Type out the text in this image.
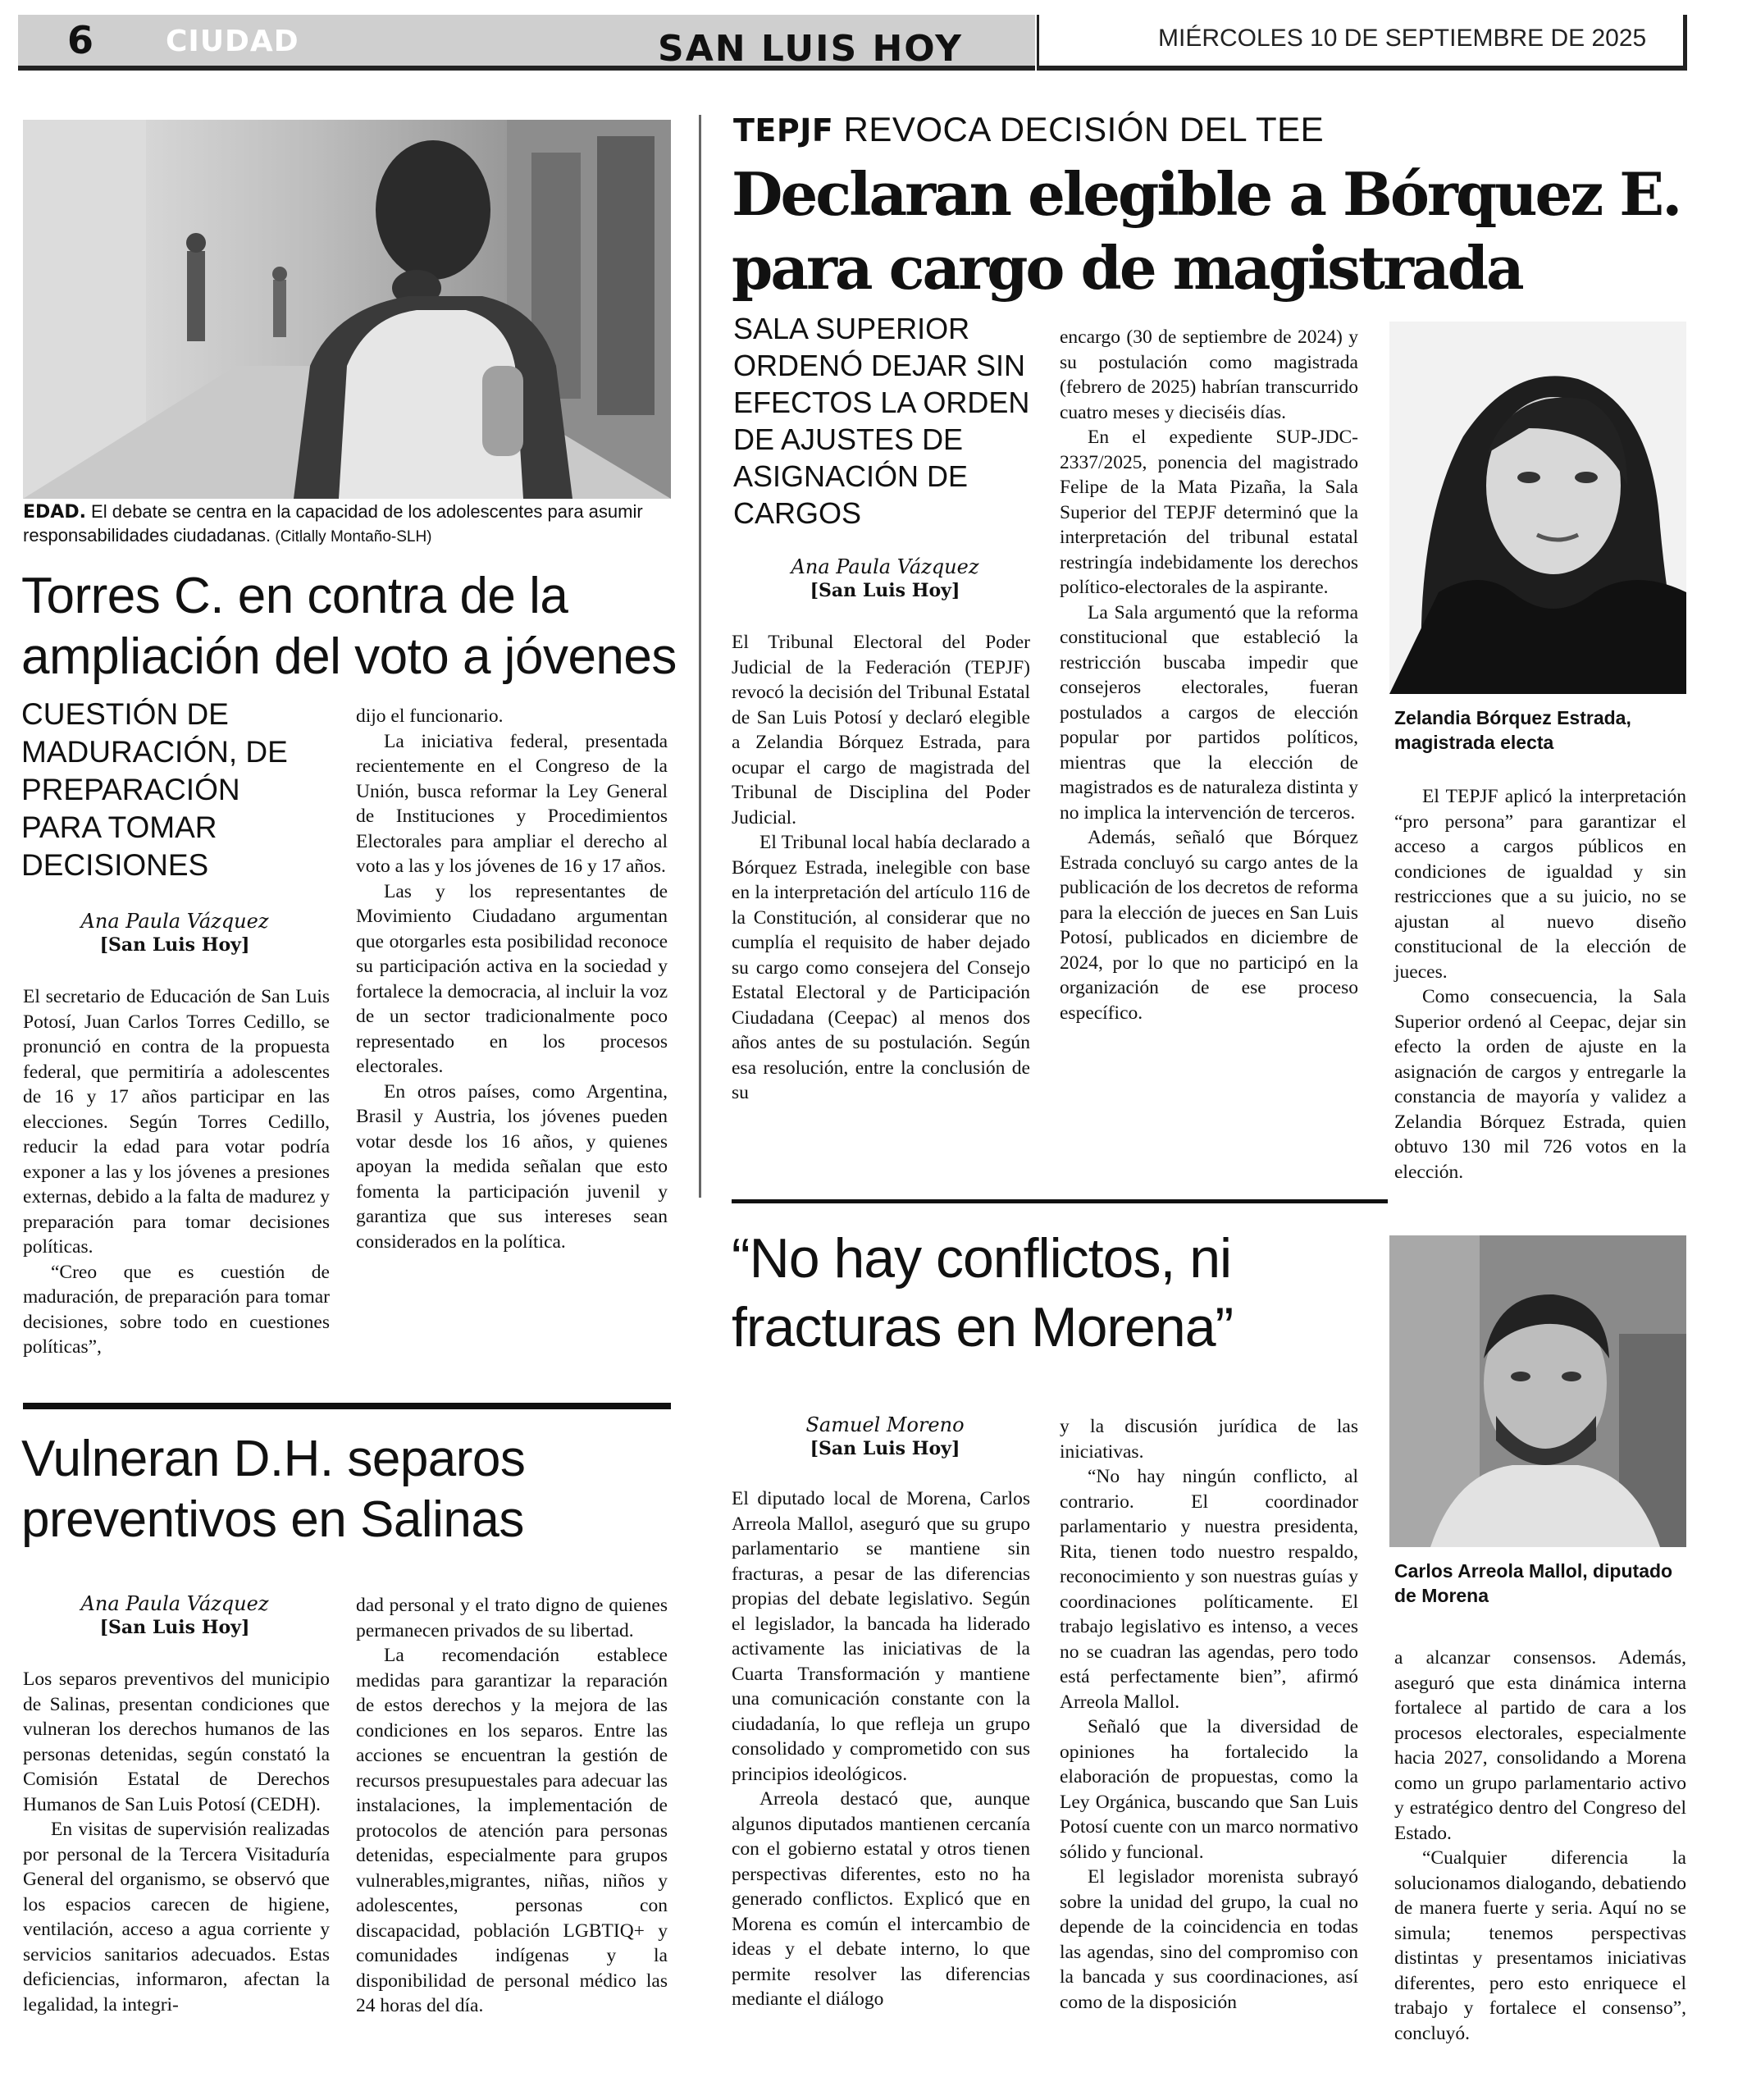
6 CIUDAD	SAN LUIS HOY	MIÉRCOLES 10 DE SEPTIEMBRE DE 2025
EDAD. El debate se centra en la capacidad de los adolescentes para asumir responsabilidades ciudadanas. (Citlally Montaño-SLH)
Torres C. en contra de la ampliación del voto a jóvenes
CUESTIÓN DE MADURACIÓN, DE PREPARACIÓN PARA TOMAR DECISIONES
Ana Paula Vázquez
[San Luis Hoy]

El secretario de Educación de San Luis Potosí, Juan Carlos Torres Cedillo, se pronunció en contra de la propuesta federal, que permitiría a adolescentes de 16 y 17 años participar en las elecciones. Según Torres Cedillo, reducir la edad para votar podría exponer a las y los jóvenes a presiones externas, debido a la falta de madurez y preparación para tomar decisiones políticas.

“Creo que es cuestión de maduración, de preparación para tomar decisiones, sobre todo en cuestiones políticas”,

dijo el funcionario.

La iniciativa federal, presentada recientemente en el Congreso de la Unión, busca reformar la Ley General de Instituciones y Procedimientos Electorales para ampliar el derecho al voto a las y los jóvenes de 16 y 17 años.

Las y los representantes de Movimiento Ciudadano argumentan que otorgarles esta posibilidad reconoce su participación activa en la sociedad y fortalece la democracia, al incluir la voz de un sector tradicionalmente poco representado en los procesos electorales.

En otros países, como Argentina, Brasil y Austria, los jóvenes pueden votar desde los 16 años, y quienes apoyan la medida señalan que esto fomenta la participación juvenil y garantiza que sus intereses sean considerados en la política.

Vulneran D.H. separos preventivos en Salinas
Ana Paula Vázquez
[San Luis Hoy]

Los separos preventivos del municipio de Salinas, presentan condiciones que vulneran los derechos humanos de las personas detenidas, según constató la Comisión Estatal de Derechos Humanos de San Luis Potosí (CEDH).

En visitas de supervisión realizadas por personal de la Tercera Visitaduría General del organismo, se observó que los espacios carecen de higiene, ventilación, acceso a agua corriente y servicios sanitarios adecuados. Estas deficiencias, informaron, afectan la legalidad, la integri-

dad personal y el trato digno de quienes permanecen privados de su libertad.

La recomendación establece medidas para garantizar la reparación de estos derechos y la mejora de las condiciones en los separos. Entre las acciones se encuentran la gestión de recursos presupuestales para adecuar las instalaciones, la implementación de protocolos de atención para personas detenidas, especialmente para grupos vulnerables,migrantes, niñas, niños y adolescentes, personas con discapacidad, población LGBTIQ+ y comunidades indígenas y la disponibilidad de personal médico las 24 horas del día.

TEPJF REVOCA DECISIÓN DEL TEE
Declaran elegible a Bórquez E. para cargo de magistrada
SALA SUPERIOR ORDENÓ DEJAR SIN EFECTOS LA ORDEN DE AJUSTES DE ASIGNACIÓN DE CARGOS
Ana Paula Vázquez
[San Luis Hoy]

El Tribunal Electoral del Poder Judicial de la Federación (TEPJF) revocó la decisión del Tribunal Estatal de San Luis Potosí y declaró elegible a Zelandia Bórquez Estrada, para ocupar el cargo de magistrada del Tribunal de Disciplina del Poder Judicial.

El Tribunal local había declarado a Bórquez Estrada, inelegible con base en la interpretación del artículo 116 de la Constitución, al considerar que no cumplía el requisito de haber dejado su cargo como consejera del Consejo Estatal Electoral y de Participación Ciudadana (Ceepac) al menos dos años antes de su postulación. Según esa resolución, entre la conclusión de su

encargo (30 de septiembre de 2024) y su postulación como magistrada (febrero de 2025) habrían transcurrido cuatro meses y dieciséis días.

En el expediente SUP-JDC-2337/2025, ponencia del magistrado Felipe de la Mata Pizaña, la Sala Superior del TEPJF determinó que la interpretación del tribunal estatal restringía indebidamente los derechos político-electorales de la aspirante.

La Sala argumentó que la reforma constitucional que estableció la restricción buscaba impedir que consejeros electorales, fueran postulados a cargos de elección popular por partidos políticos, mientras que la elección de magistrados es de naturaleza distinta y no implica la intervención de terceros.

Además, señaló que Bórquez Estrada concluyó su cargo antes de la publicación de los decretos de reforma para la elección de jueces en San Luis Potosí, publicados en diciembre de 2024, por lo que no participó en la organización de ese proceso específico.

Zelandia Bórquez Estrada, magistrada electa

El TEPJF aplicó la interpretación “pro persona” para garantizar el acceso a cargos públicos en condiciones de igualdad y sin restricciones que a su juicio, no se ajustan al nuevo diseño constitucional de la elección de jueces.

Como consecuencia, la Sala Superior ordenó al Ceepac, dejar sin efecto la orden de ajuste en la asignación de cargos y entregarle la constancia de mayoría y validez a Zelandia Bórquez Estrada, quien obtuvo 130 mil 726 votos en la elección.

“No hay conflictos, ni fracturas en Morena”
Samuel Moreno
[San Luis Hoy]

El diputado local de Morena, Carlos Arreola Mallol, aseguró que su grupo parlamentario se mantiene sin fracturas, a pesar de las diferencias propias del debate legislativo. Según el legislador, la bancada ha liderado activamente las iniciativas de la Cuarta Transformación y mantiene una comunicación constante con la ciudadanía, lo que refleja un grupo consolidado y comprometido con sus principios ideológicos.

Arreola destacó que, aunque algunos diputados mantienen cercanía con el gobierno estatal y otros tienen perspectivas diferentes, esto no ha generado conflictos. Explicó que en Morena es común el intercambio de ideas y el debate interno, lo que permite resolver las diferencias mediante el diálogo

y la discusión jurídica de las iniciativas.

“No hay ningún conflicto, al contrario. El coordinador parlamentario y nuestra presidenta, Rita, tienen todo nuestro respaldo, reconocimiento y son nuestras guías y coordinaciones políticamente. El trabajo legislativo es intenso, a veces no se cuadran las agendas, pero todo está perfectamente bien”, afirmó Arreola Mallol.

Señaló que la diversidad de opiniones ha fortalecido la elaboración de propuestas, como la Ley Orgánica, buscando que San Luis Potosí cuente con un marco normativo sólido y funcional.

El legislador morenista subrayó sobre la unidad del grupo, la cual no depende de la coincidencia en todas las agendas, sino del compromiso con la bancada y sus coordinaciones, así como de la disposición

Carlos Arreola Mallol, diputado de Morena

a alcanzar consensos. Además, aseguró que esta dinámica interna fortalece al partido de cara a los procesos electorales, especialmente hacia 2027, consolidando a Morena como un grupo parlamentario activo y estratégico dentro del Congreso del Estado.

“Cualquier diferencia la solucionamos dialogando, debatiendo de manera fuerte y seria. Aquí no se simula; tenemos perspectivas distintas y presentamos iniciativas diferentes, pero esto enriquece el trabajo y fortalece el consenso”, concluyó.
